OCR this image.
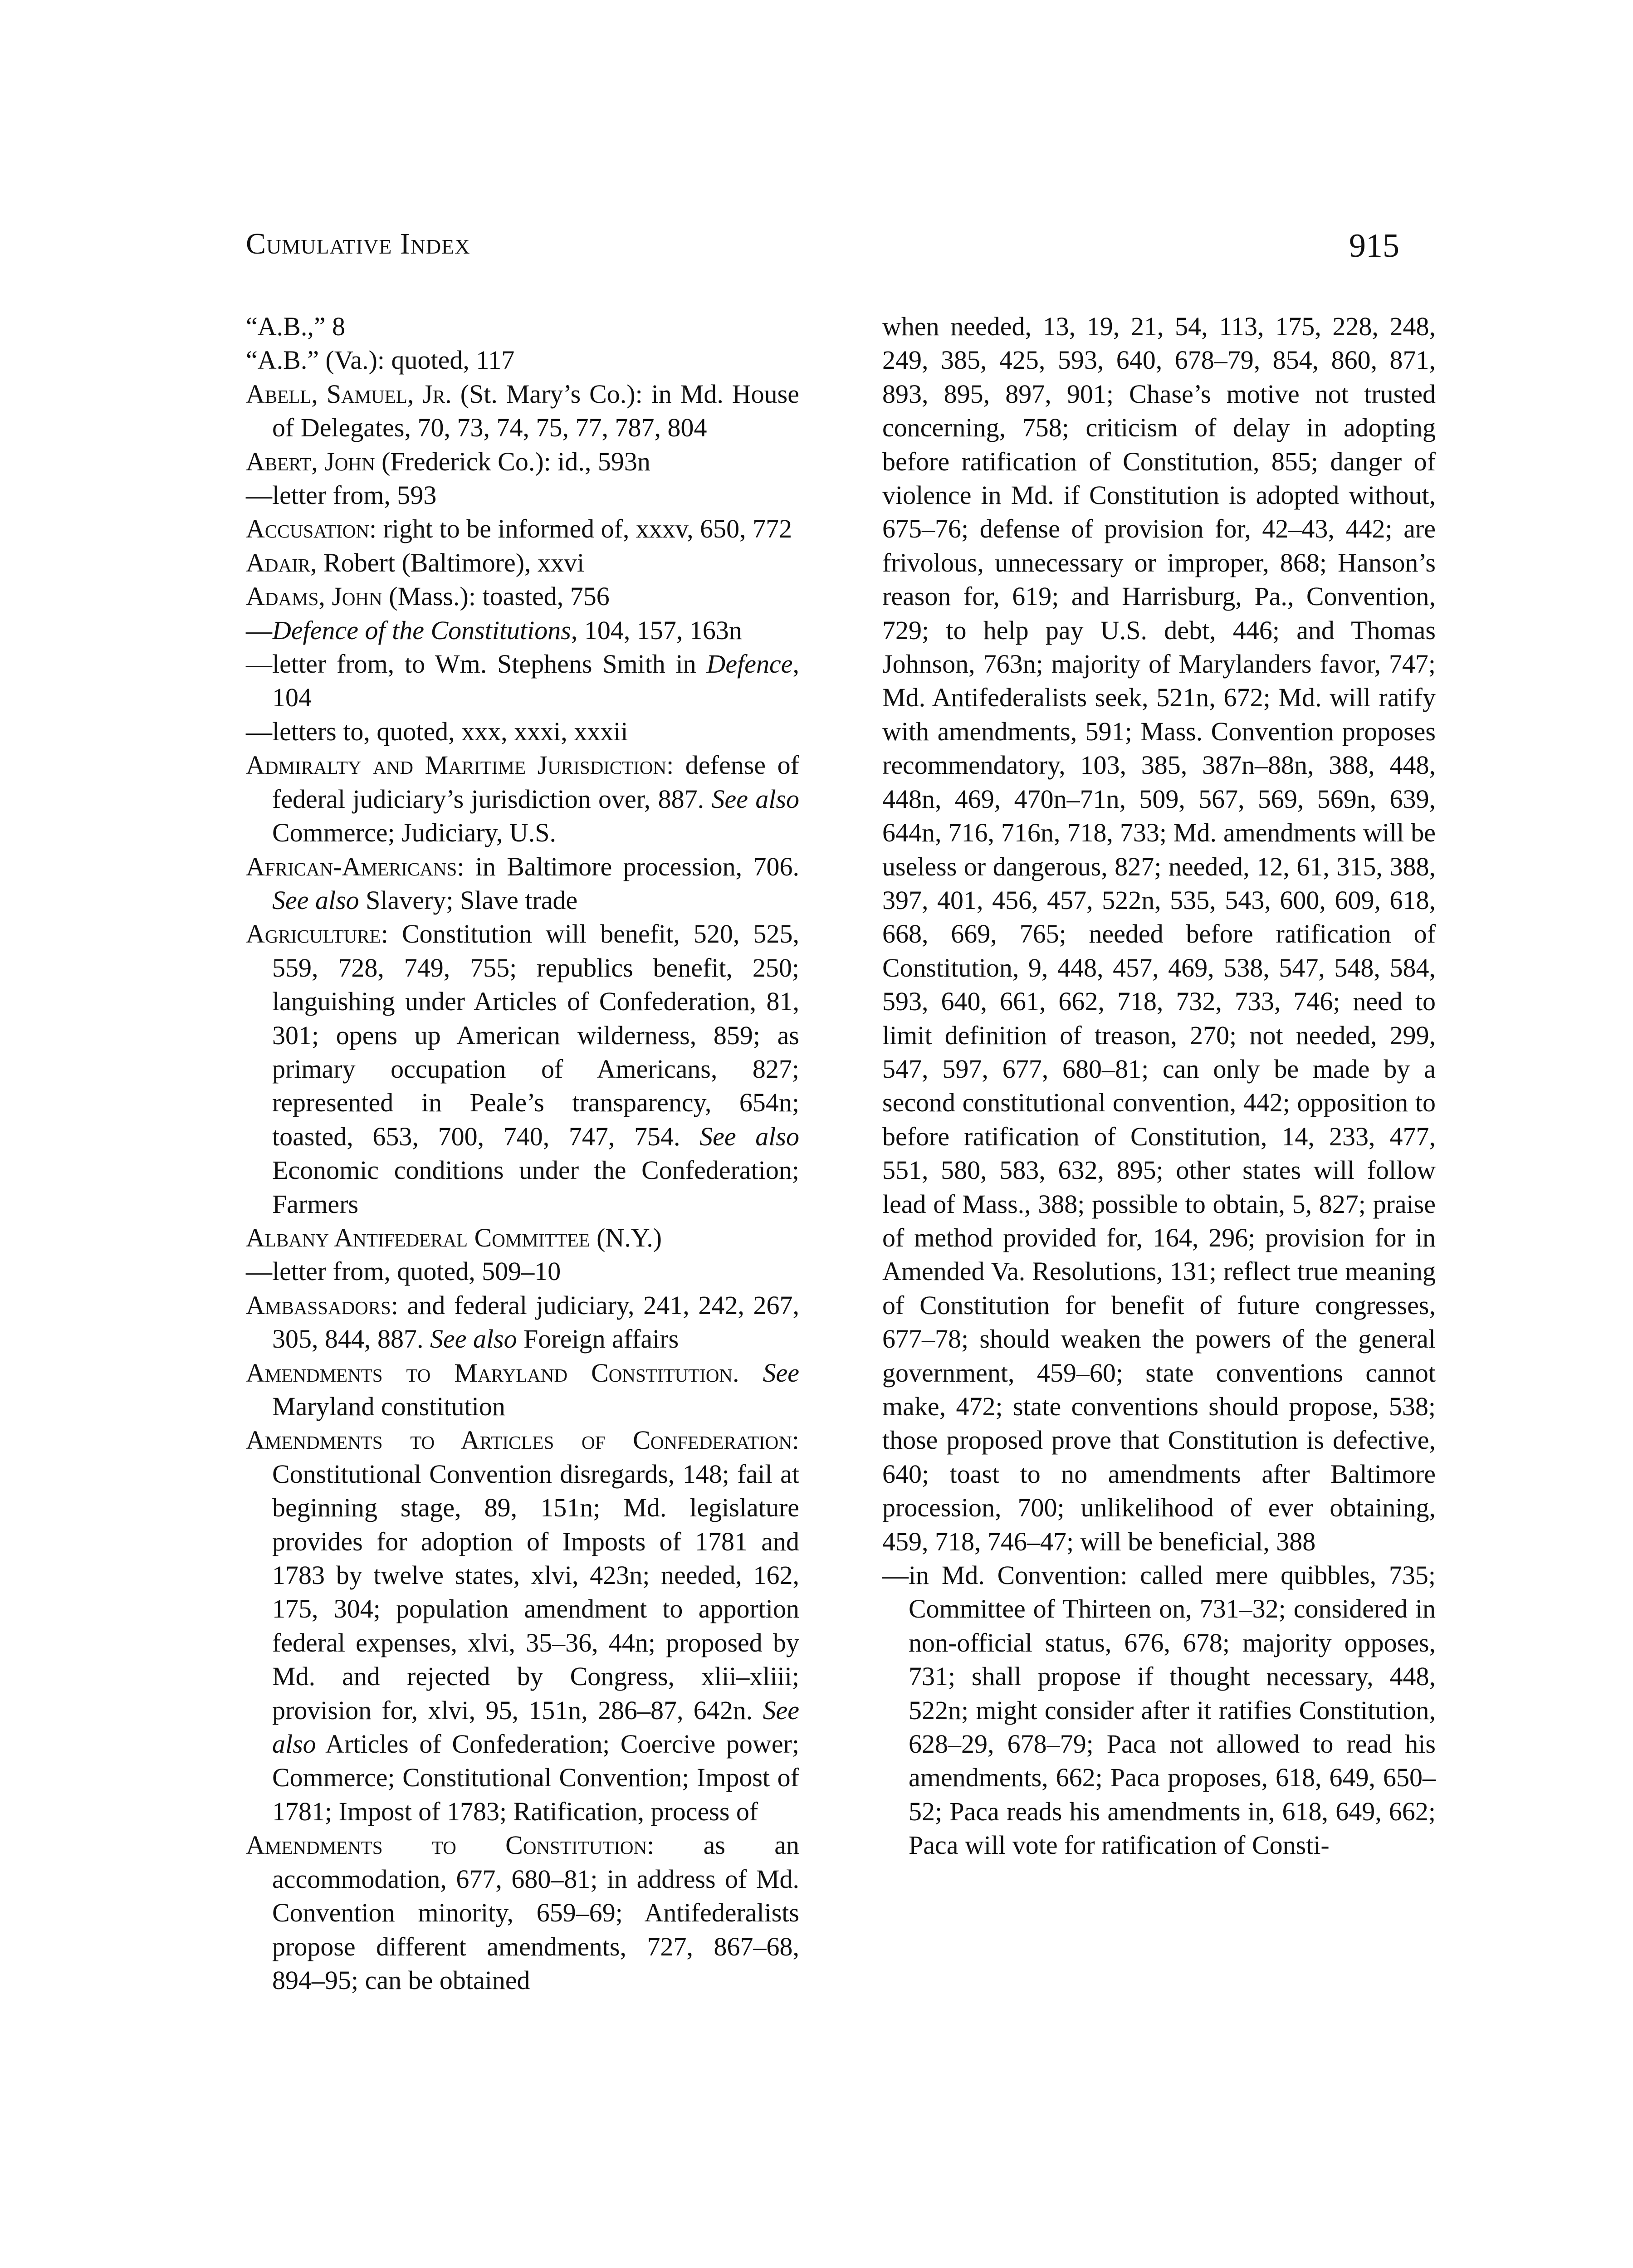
Cumulative Index	915

“A.B.,” 8

“A.B.” (Va.): quoted, 117

Abell, Samuel, Jr. (St. Mary’s Co.): in Md. House of Delegates, 70, 73, 74, 75, 77, 787, 804

Abert, John (Frederick Co.): id., 593n

—letter from, 593

Accusation: right to be informed of, xxxv, 650, 772

Adair, Robert (Baltimore), xxvi

Adams, John (Mass.): toasted, 756

—Defence of the Constitutions, 104, 157, 163n

—letter from, to Wm. Stephens Smith in Defence, 104

—letters to, quoted, xxx, xxxi, xxxii

Admiralty and Maritime Jurisdiction: defense of federal judiciary’s jurisdiction over, 887. See also Commerce; Judiciary, U.S.

African-Americans: in Baltimore procession, 706. See also Slavery; Slave trade

Agriculture: Constitution will benefit, 520, 525, 559, 728, 749, 755; republics benefit, 250; languishing under Articles of Confederation, 81, 301; opens up American wilderness, 859; as primary occupation of Americans, 827; represented in Peale’s transparency, 654n; toasted, 653, 700, 740, 747, 754. See also Economic conditions under the Confederation; Farmers

Albany Antifederal Committee (N.Y.)

—letter from, quoted, 509–10

Ambassadors: and federal judiciary, 241, 242, 267, 305, 844, 887. See also Foreign affairs

Amendments to Maryland Constitution. See Maryland constitution

Amendments to Articles of Confederation: Constitutional Convention disregards, 148; fail at beginning stage, 89, 151n; Md. legislature provides for adoption of Imposts of 1781 and 1783 by twelve states, xlvi, 423n; needed, 162, 175, 304; population amendment to apportion federal expenses, xlvi, 35–36, 44n; proposed by Md. and rejected by Congress, xlii–xliii; provision for, xlvi, 95, 151n, 286–87, 642n. See also Articles of Confederation; Coercive power; Commerce; Constitutional Convention; Impost of 1781; Impost of 1783; Ratification, process of

Amendments to Constitution: as an accommodation, 677, 680–81; in address of Md. Convention minority, 659–69; Antifederalists propose different amendments, 727, 867–68, 894–95; can be obtained

when needed, 13, 19, 21, 54, 113, 175, 228, 248, 249, 385, 425, 593, 640, 678–79, 854, 860, 871, 893, 895, 897, 901; Chase’s motive not trusted concerning, 758; criticism of delay in adopting before ratification of Constitution, 855; danger of violence in Md. if Constitution is adopted without, 675–76; defense of provision for, 42–43, 442; are frivolous, unnecessary or improper, 868; Hanson’s reason for, 619; and Harrisburg, Pa., Convention, 729; to help pay U.S. debt, 446; and Thomas Johnson, 763n; majority of Marylanders favor, 747; Md. Antifederalists seek, 521n, 672; Md. will ratify with amendments, 591; Mass. Convention proposes recommendatory, 103, 385, 387n–88n, 388, 448, 448n, 469, 470n–71n, 509, 567, 569, 569n, 639, 644n, 716, 716n, 718, 733; Md. amendments will be useless or dangerous, 827; needed, 12, 61, 315, 388, 397, 401, 456, 457, 522n, 535, 543, 600, 609, 618, 668, 669, 765; needed before ratification of Constitution, 9, 448, 457, 469, 538, 547, 548, 584, 593, 640, 661, 662, 718, 732, 733, 746; need to limit definition of treason, 270; not needed, 299, 547, 597, 677, 680–81; can only be made by a second constitutional convention, 442; opposition to before ratification of Constitution, 14, 233, 477, 551, 580, 583, 632, 895; other states will follow lead of Mass., 388; possible to obtain, 5, 827; praise of method provided for, 164, 296; provision for in Amended Va. Resolutions, 131; reflect true meaning of Constitution for benefit of future congresses, 677–78; should weaken the powers of the general government, 459–60; state conventions cannot make, 472; state conventions should propose, 538; those proposed prove that Constitution is defective, 640; toast to no amendments after Baltimore procession, 700; unlikelihood of ever obtaining, 459, 718, 746–47; will be beneficial, 388

—in Md. Convention: called mere quibbles, 735; Committee of Thirteen on, 731–32; considered in non-official status, 676, 678; majority opposes, 731; shall propose if thought necessary, 448, 522n; might consider after it ratifies Constitution, 628–29, 678–79; Paca not allowed to read his amendments, 662; Paca proposes, 618, 649, 650–52; Paca reads his amendments in, 618, 649, 662; Paca will vote for ratification of Consti-
